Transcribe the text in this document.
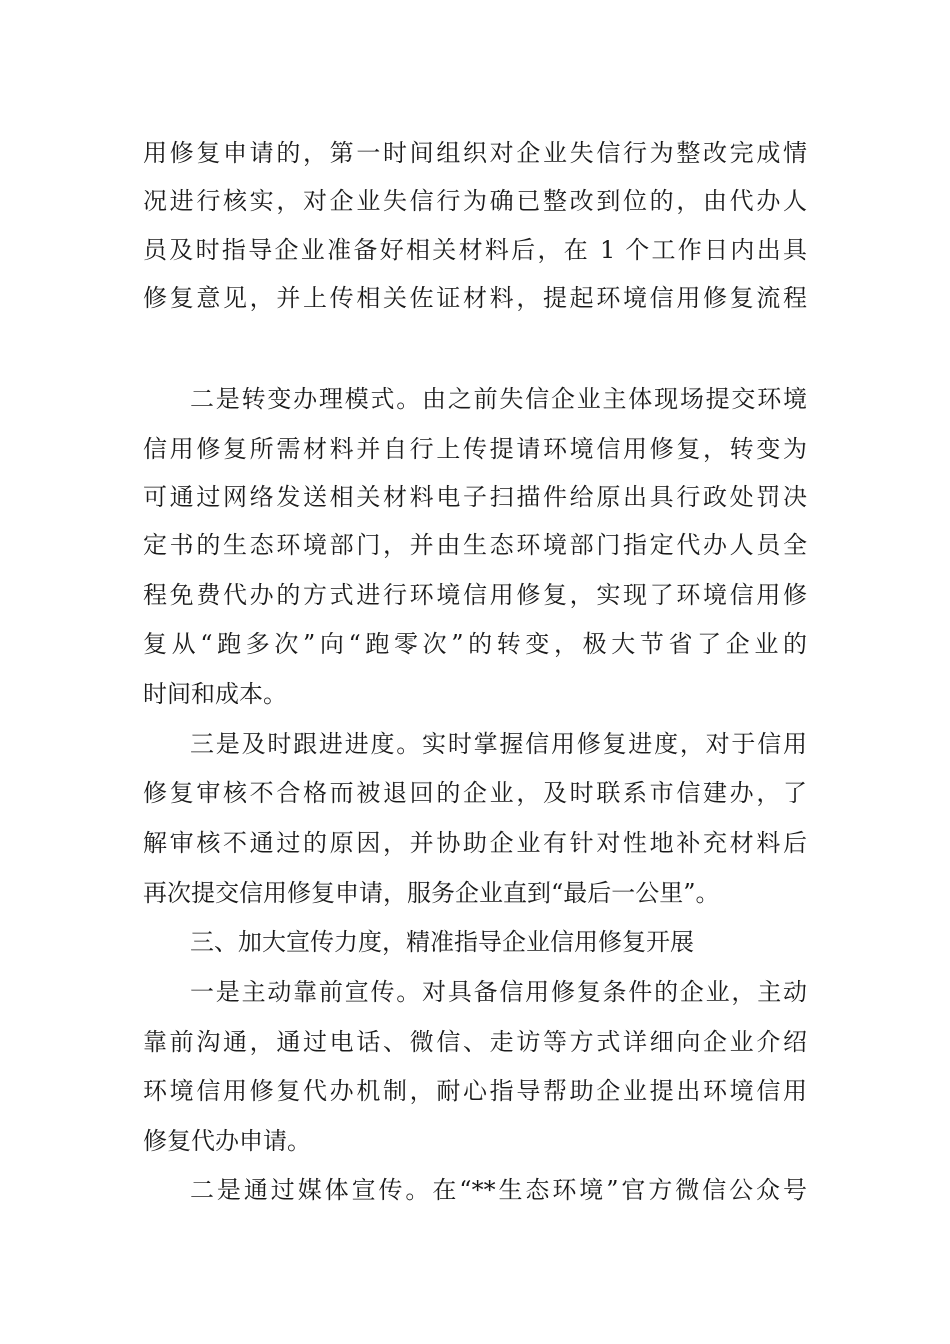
用修复申请的，第一时间组织对企业失信行为整改完成情

况进行核实，对企业失信行为确已整改到位的，由代办人

员及时指导企业准备好相关材料后，在 1 个工作日内出具

修复意见，并上传相关佐证材料，提起环境信用修复流程

二是转变办理模式。由之前失信企业主体现场提交环境

信用修复所需材料并自行上传提请环境信用修复，转变为

可通过网络发送相关材料电子扫描件给原出具行政处罚决

定书的生态环境部门，并由生态环境部门指定代办人员全

程免费代办的方式进行环境信用修复，实现了环境信用修

复从“跑多次”向“跑零次”的转变，极大节省了企业的

时间和成本。

三是及时跟进进度。实时掌握信用修复进度，对于信用

修复审核不合格而被退回的企业，及时联系市信建办，了

解审核不通过的原因，并协助企业有针对性地补充材料后

再次提交信用修复申请，服务企业直到“最后一公里”。

三、加大宣传力度，精准指导企业信用修复开展

一是主动靠前宣传。对具备信用修复条件的企业，主动

靠前沟通，通过电话、微信、走访等方式详细向企业介绍

环境信用修复代办机制，耐心指导帮助企业提出环境信用

修复代办申请。

二是通过媒体宣传。在“**生态环境”官方微信公众号
